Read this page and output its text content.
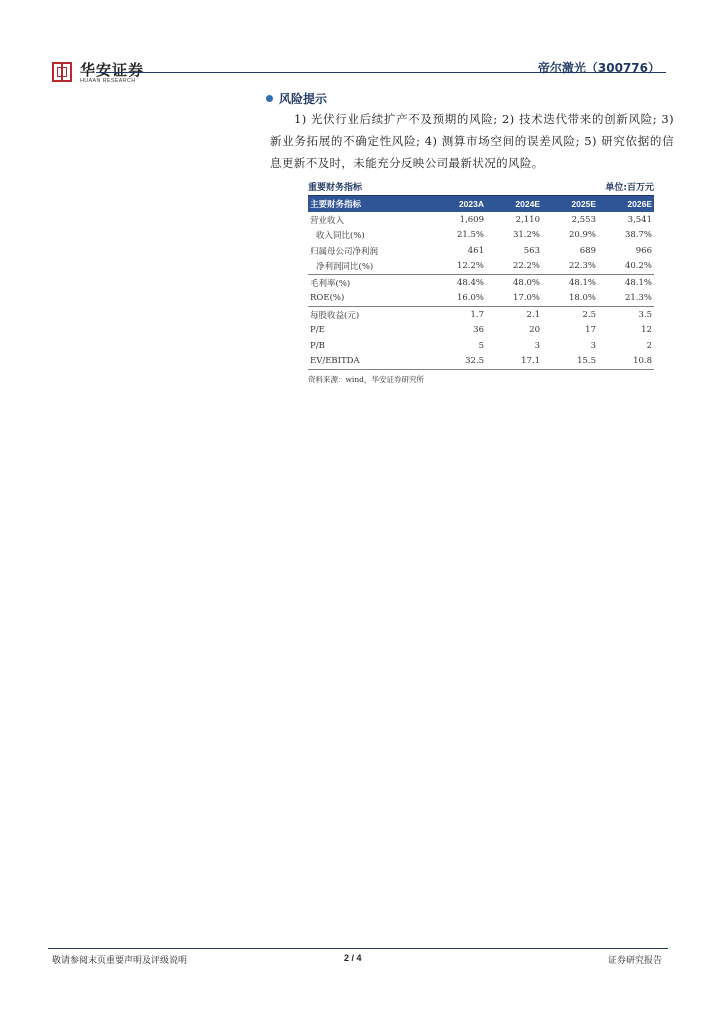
华安证券
HUAAN RESEARCH
帝尔激光（300776）
风险提示
1) 光伏行业后续扩产不及预期的风险; 2) 技术迭代带来的创新风险; 3) 新业务拓展的不确定性风险; 4) 测算市场空间的误差风险; 5) 研究依据的信息更新不及时，未能充分反映公司最新状况的风险。
重要财务指标	单位:百万元
主要财务指标	2023A	2024E	2025E	2026E
营业收入	1,609	2,110	2,553	3,541
收入同比(%)	21.5%	31.2%	20.9%	38.7%
归属母公司净利润	461	563	689	966
净利润同比(%)	12.2%	22.2%	22.3%	40.2%
毛利率(%)	48.4%	48.0%	48.1%	48.1%
ROE(%)	16.0%	17.0%	18.0%	21.3%
每股收益(元)	1.7	2.1	2.5	3.5
P/E	36	20	17	12
P/B	5	3	3	2
EV/EBITDA	32.5	17.1	15.5	10.8
资料来源：wind，华安证券研究所
敬请参阅末页重要声明及评级说明	2 / 4	证券研究报告
